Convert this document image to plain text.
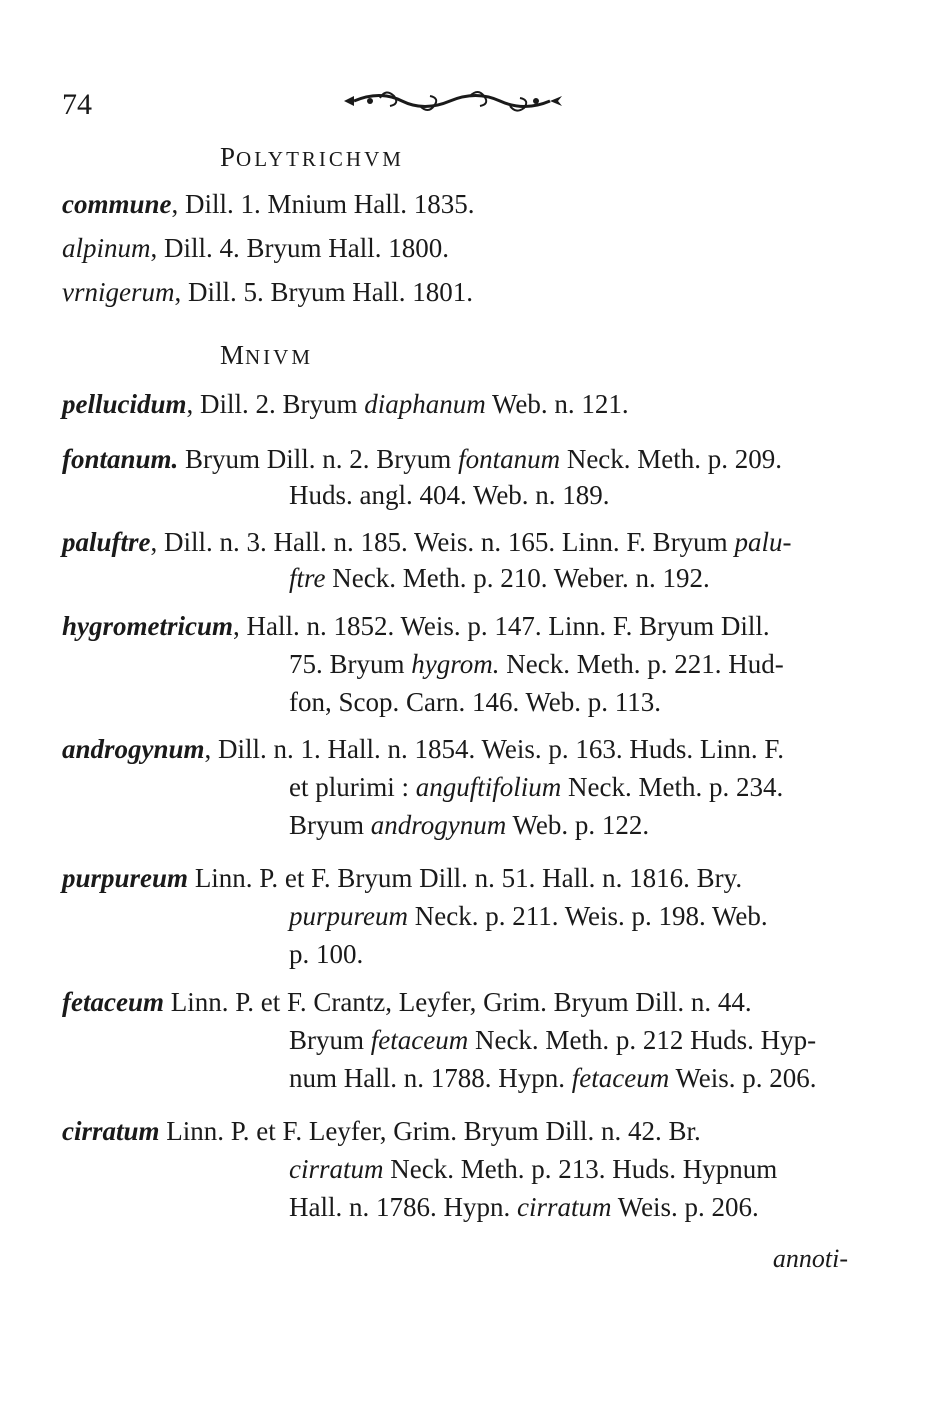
74
POLYTRICHVM
commune, Dill. 1. Mnium Hall. 1835.
alpinum, Dill. 4. Bryum Hall. 1800.
vrnigerum, Dill. 5. Bryum Hall. 1801.
MNIVM
pellucidum, Dill. 2. Bryum diaphanum Web. n. 121.
fontanum. Bryum Dill. n. 2. Bryum fontanum Neck. Meth. p. 209.
Huds. angl. 404. Web. n. 189.
paluftre, Dill. n. 3. Hall. n. 185. Weis. n. 165. Linn. F. Bryum palu-
ftre Neck. Meth. p. 210. Weber. n. 192.
hygrometricum, Hall. n. 1852. Weis. p. 147. Linn. F. Bryum Dill.
75. Bryum hygrom. Neck. Meth. p. 221. Hud-
fon, Scop. Carn. 146. Web. p. 113.
androgynum, Dill. n. 1. Hall. n. 1854. Weis. p. 163. Huds. Linn. F.
et plurimi : anguftifolium Neck. Meth. p. 234.
Bryum androgynum Web. p. 122.
purpureum Linn. P. et F. Bryum Dill. n. 51. Hall. n. 1816. Bry.
purpureum Neck. p. 211. Weis. p. 198. Web.
p. 100.
fetaceum Linn. P. et F. Crantz, Leyfer, Grim. Bryum Dill. n. 44.
Bryum fetaceum Neck. Meth. p. 212 Huds. Hyp-
num Hall. n. 1788. Hypn. fetaceum Weis. p. 206.
cirratum Linn. P. et F. Leyfer, Grim. Bryum Dill. n. 42. Br.
cirratum Neck. Meth. p. 213. Huds. Hypnum
Hall. n. 1786. Hypn. cirratum Weis. p. 206.
annoti-
